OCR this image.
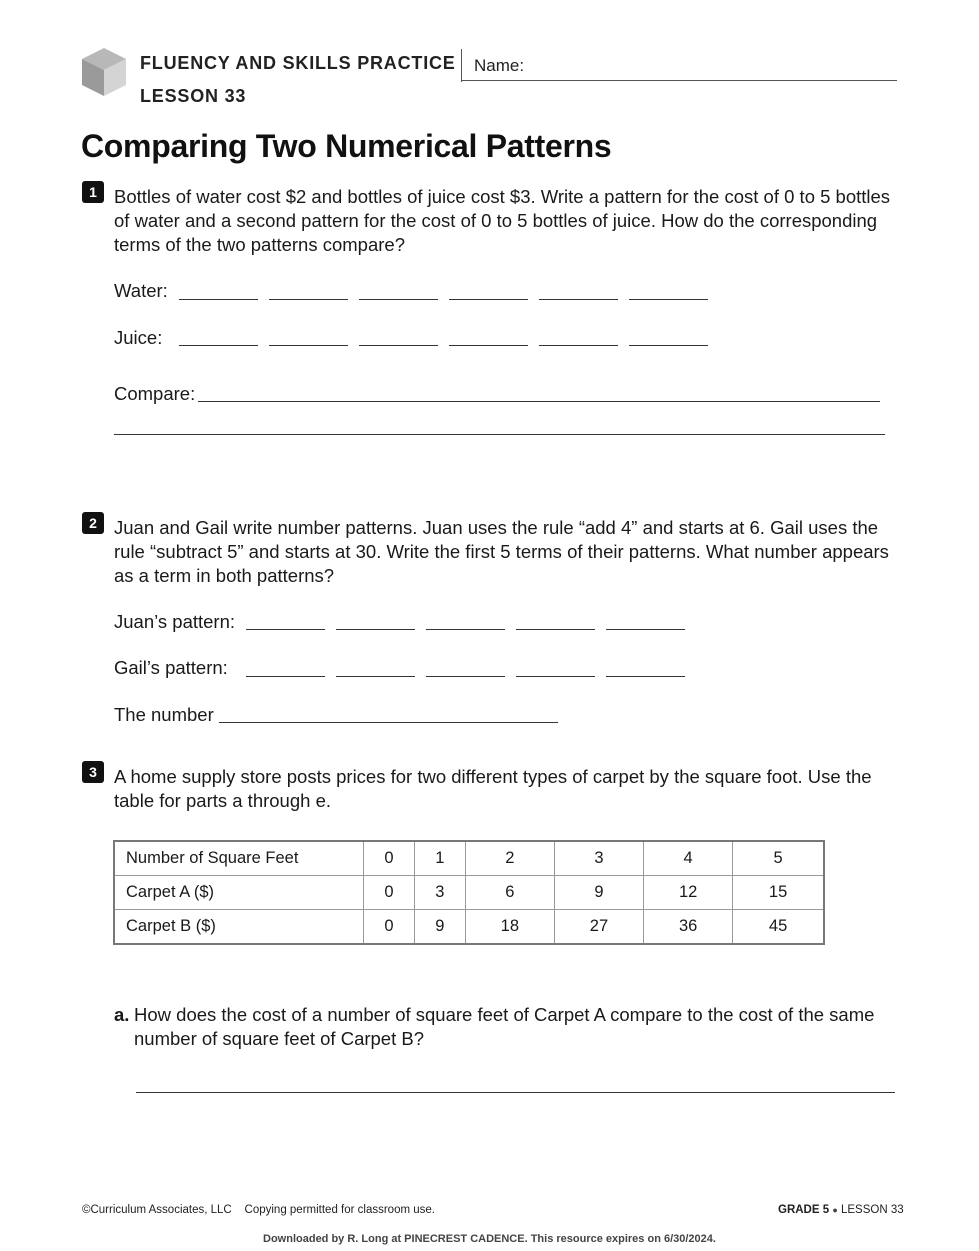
FLUENCY AND SKILLS PRACTICE
LESSON 33
Name:
Comparing Two Numerical Patterns
1 Bottles of water cost $2 and bottles of juice cost $3. Write a pattern for the cost of 0 to 5 bottles of water and a second pattern for the cost of 0 to 5 bottles of juice. How do the corresponding terms of the two patterns compare?
Water:
Juice:
Compare:
2 Juan and Gail write number patterns. Juan uses the rule “add 4” and starts at 6. Gail uses the rule “subtract 5” and starts at 30. Write the first 5 terms of their patterns. What number appears as a term in both patterns?
Juan’s pattern:
Gail’s pattern:
The number
3 A home supply store posts prices for two different types of carpet by the square foot. Use the table for parts a through e.
Number of Square Feet	0	1	2	3	4	5
Carpet A ($)	0	3	6	9	12	15
Carpet B ($)	0	9	18	27	36	45
a. How does the cost of a number of square feet of Carpet A compare to the cost of the same number of square feet of Carpet B?
©Curriculum Associates, LLC Copying permitted for classroom use.	GRADE 5 ● LESSON 33
Downloaded by R. Long at PINECREST CADENCE. This resource expires on 6/30/2024.
